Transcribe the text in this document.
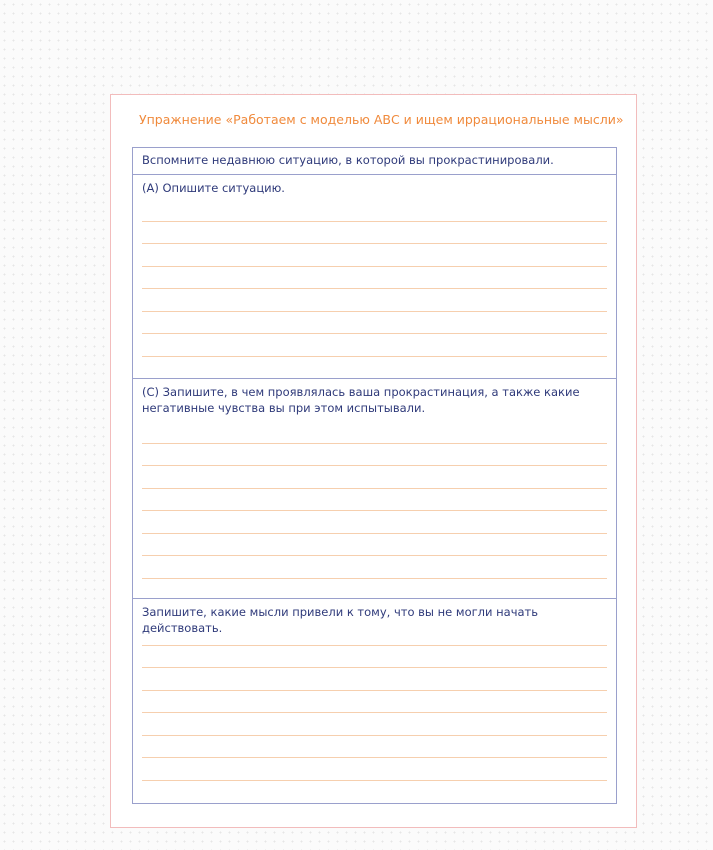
Упражнение «Работаем с моделью АВС и ищем иррациональные мысли»
Вспомните недавнюю ситуацию, в которой вы прокрастинировали.
(А) Опишите ситуацию.
(С) Запишите, в чем проявлялась ваша прокрастинация, а также какие негативные чувства вы при этом испытывали.
Запишите, какие мысли привели к тому, что вы не могли начать действовать.
